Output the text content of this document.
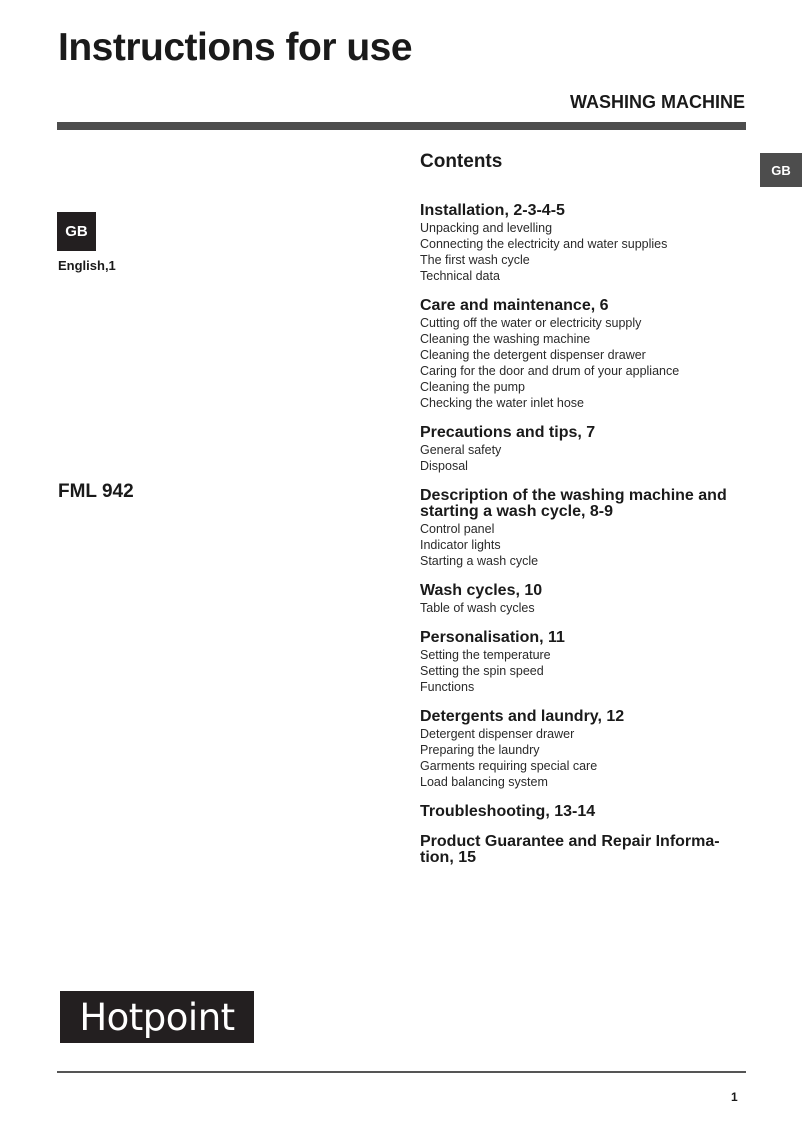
Instructions for use
WASHING MACHINE
GB
GB
English,1
FML 942
Contents
Installation, 2-3-4-5
Unpacking and levelling
Connecting the electricity and water supplies
The first wash cycle
Technical data
Care and maintenance, 6
Cutting off the water or electricity supply
Cleaning the washing machine
Cleaning the detergent dispenser drawer
Caring for the door and drum of your appliance
Cleaning the pump
Checking the water inlet hose
Precautions and tips, 7
General safety
Disposal
Description of the washing machine and starting a wash cycle, 8-9
Control panel
Indicator lights
Starting a wash cycle
Wash cycles, 10
Table of wash cycles
Personalisation, 11
Setting the temperature
Setting the spin speed
Functions
Detergents and laundry, 12
Detergent dispenser drawer
Preparing the laundry
Garments requiring special care
Load balancing system
Troubleshooting, 13-14
Product Guarantee and Repair Informa-tion, 15
Hotpoint
1
